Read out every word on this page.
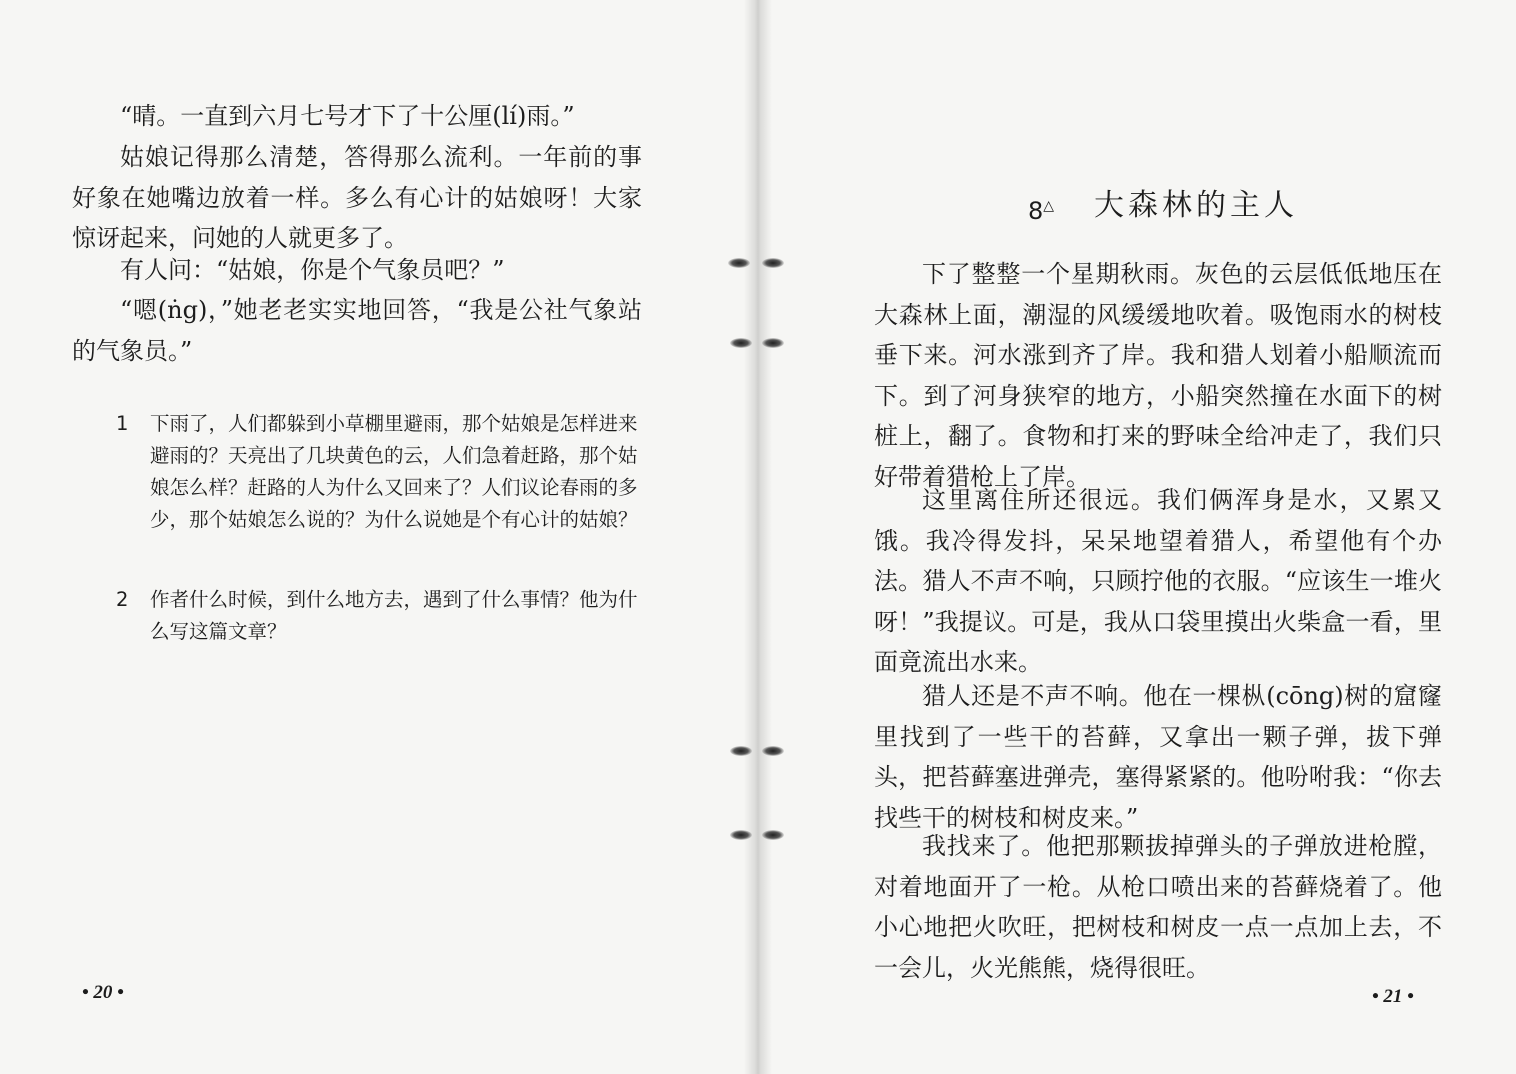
“晴。一直到六月七号才下了十公厘(lí)雨。”

姑娘记得那么清楚，答得那么流利。一年前的事好象在她嘴边放着一样。多么有心计的姑娘呀！大家惊讶起来，问她的人就更多了。

有人问：“姑娘，你是个气象员吧？”

“嗯(ṅg)，”她老老实实地回答，“我是公社气象站的气象员。”

1 下雨了，人们都躲到小草棚里避雨，那个姑娘是怎样进来避雨的？天亮出了几块黄色的云，人们急着赶路，那个姑娘怎么样？赶路的人为什么又回来了？人们议论春雨的多少，那个姑娘怎么说的？为什么说她是个有心计的姑娘？

2 作者什么时候，到什么地方去，遇到了什么事情？他为什么写这篇文章？

• 20 •
8△ 大森林的主人

下了整整一个星期秋雨。灰色的云层低低地压在大森林上面，潮湿的风缓缓地吹着。吸饱雨水的树枝垂下来。河水涨到齐了岸。我和猎人划着小船顺流而下。到了河身狭窄的地方，小船突然撞在水面下的树桩上，翻了。食物和打来的野味全给冲走了，我们只好带着猎枪上了岸。

这里离住所还很远。我们俩浑身是水，又累又饿。我冷得发抖，呆呆地望着猎人，希望他有个办法。猎人不声不响，只顾拧他的衣服。“应该生一堆火呀！”我提议。可是，我从口袋里摸出火柴盒一看，里面竟流出水来。

猎人还是不声不响。他在一棵枞(cōng)树的窟窿里找到了一些干的苔藓，又拿出一颗子弹，拔下弹头，把苔藓塞进弹壳，塞得紧紧的。他吩咐我：“你去找些干的树枝和树皮来。”

我找来了。他把那颗拔掉弹头的子弹放进枪膛，对着地面开了一枪。从枪口喷出来的苔藓烧着了。他小心地把火吹旺，把树枝和树皮一点一点加上去，不一会儿，火光熊熊，烧得很旺。

• 21 •
